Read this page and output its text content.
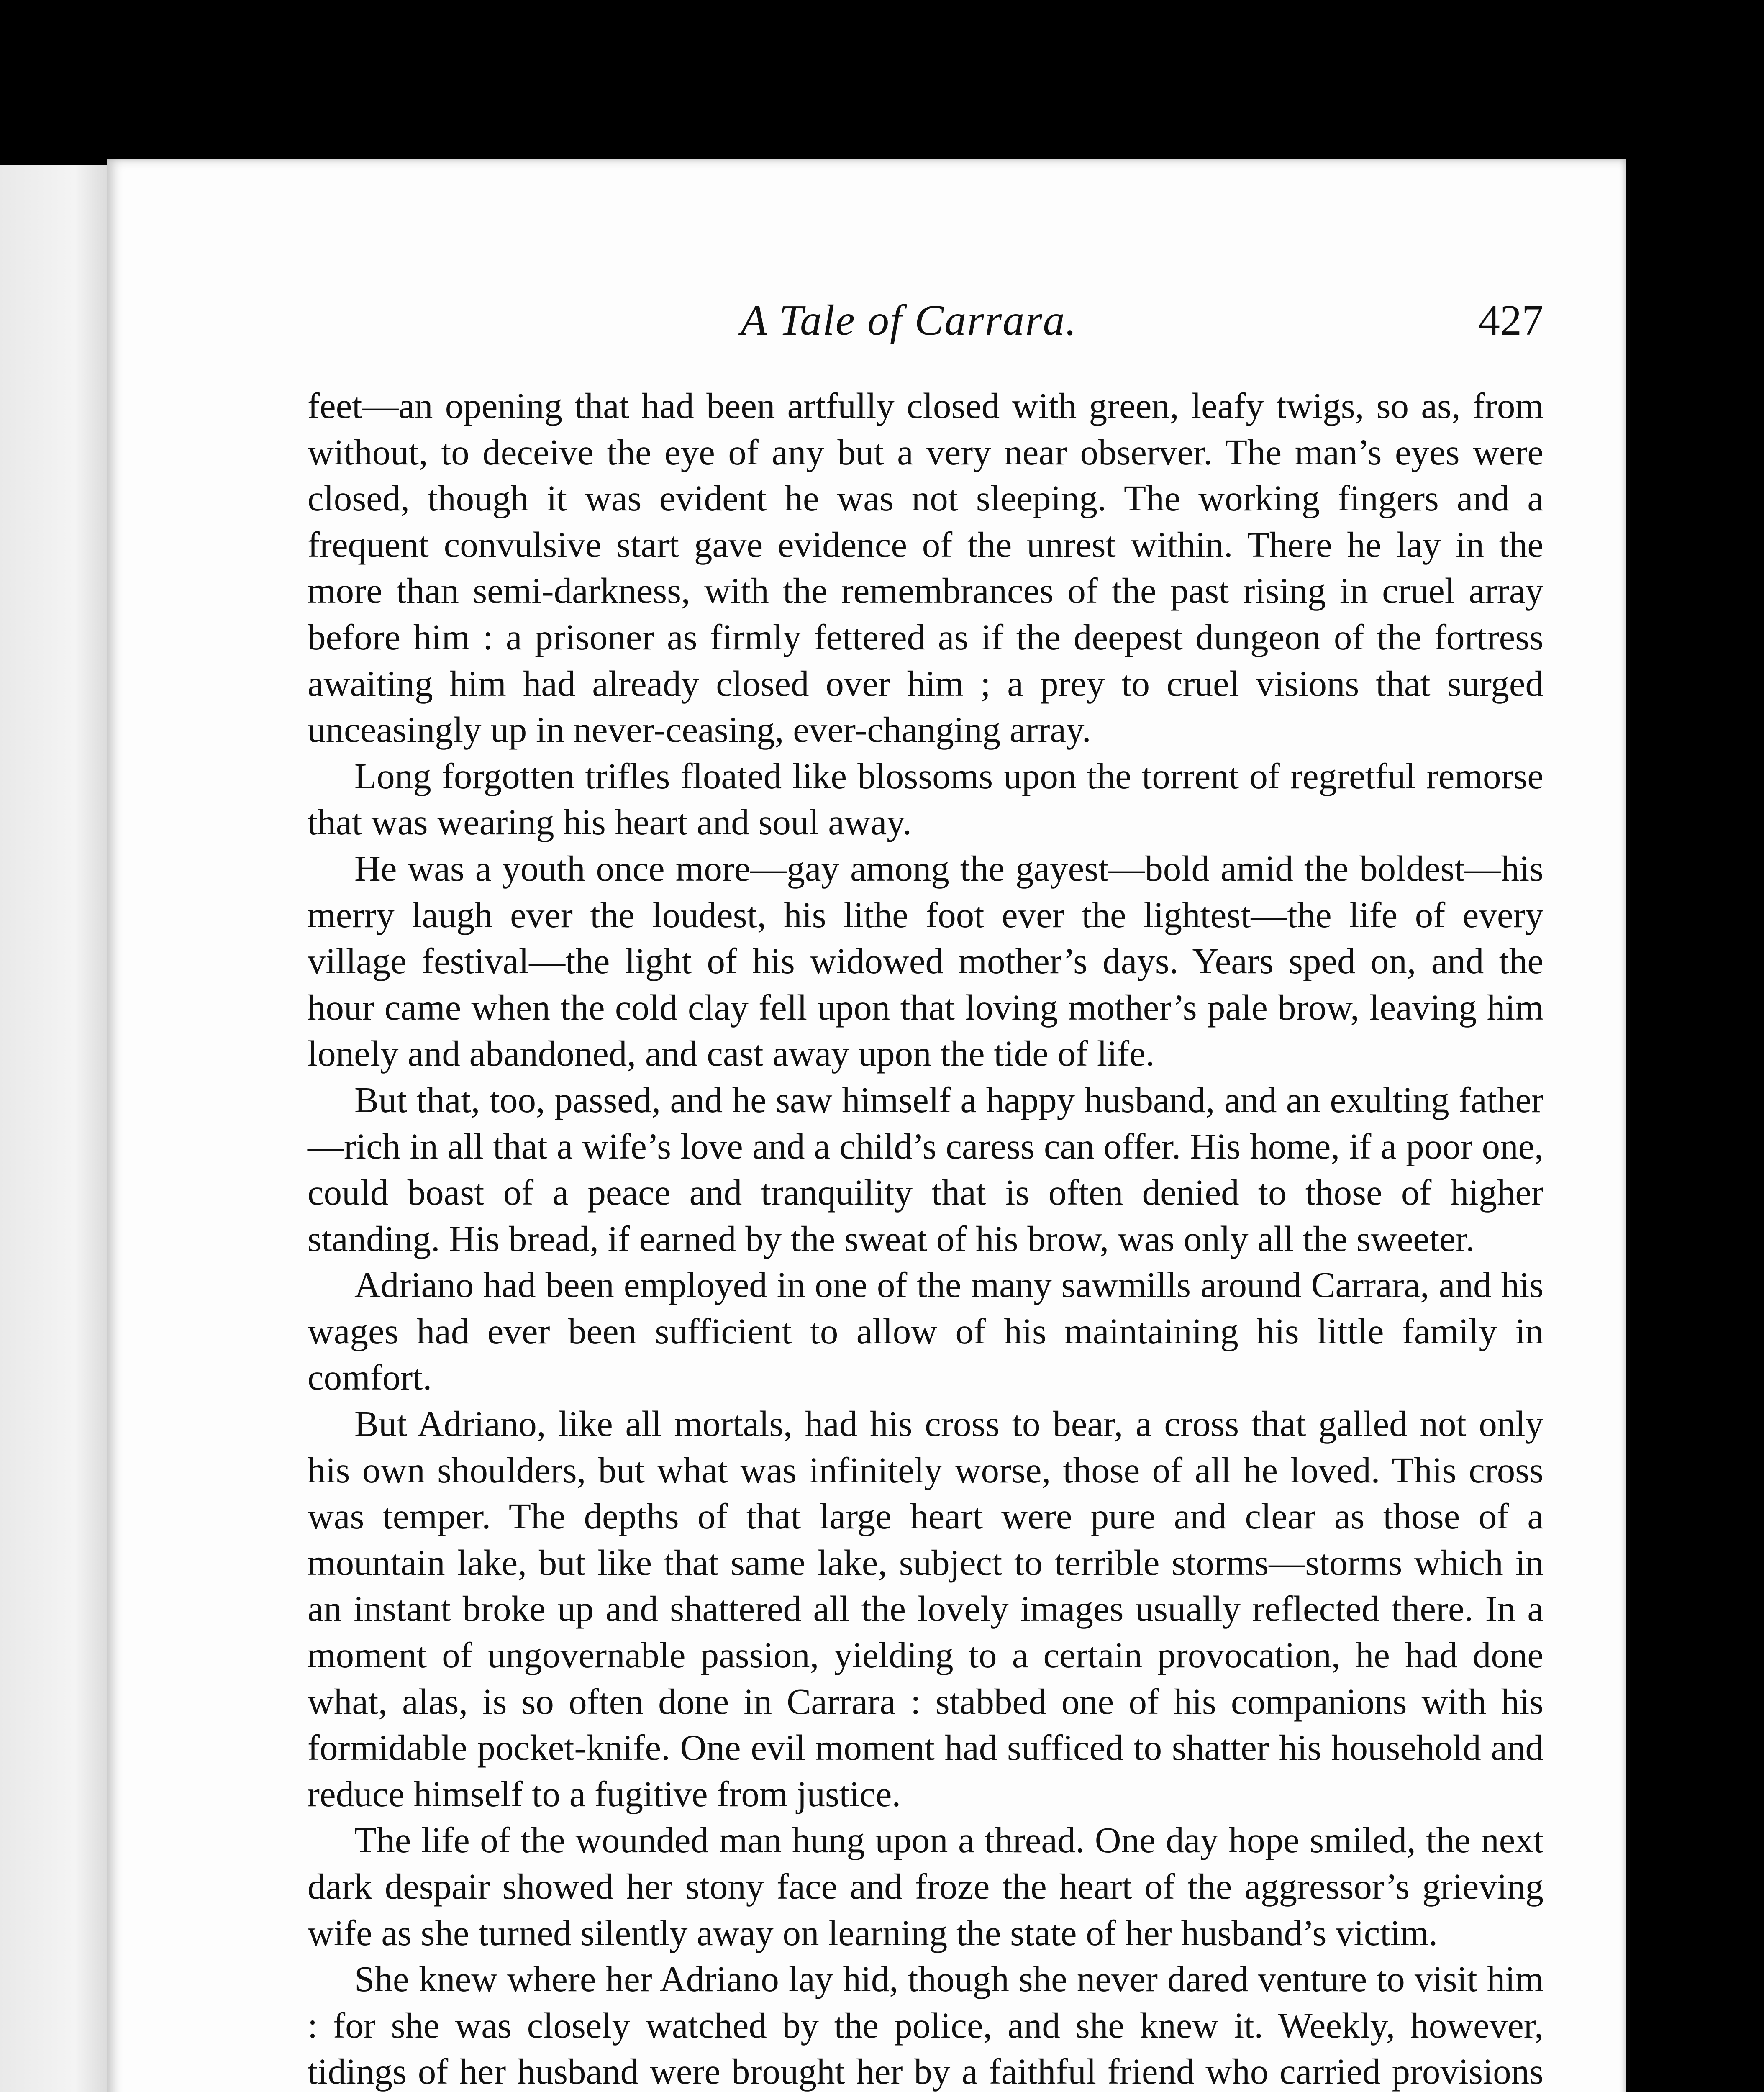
A Tale of Carrara.	427

feet—an opening that had been artfully closed with green, leafy twigs, so as, from without, to deceive the eye of any but a very near observer. The man’s eyes were closed, though it was evident he was not sleeping. The working fingers and a frequent convulsive start gave evidence of the unrest within. There he lay in the more than semi-darkness, with the remembrances of the past rising in cruel array before him : a prisoner as firmly fettered as if the deepest dungeon of the fortress awaiting him had already closed over him ; a prey to cruel visions that surged unceasingly up in never-ceasing, ever-changing array.

Long forgotten trifles floated like blossoms upon the torrent of regretful remorse that was wearing his heart and soul away.

He was a youth once more—gay among the gayest—bold amid the boldest—his merry laugh ever the loudest, his lithe foot ever the lightest—the life of every village festival—the light of his widowed mother’s days. Years sped on, and the hour came when the cold clay fell upon that loving mother’s pale brow, leaving him lonely and abandoned, and cast away upon the tide of life.

But that, too, passed, and he saw himself a happy husband, and an exulting father—rich in all that a wife’s love and a child’s caress can offer. His home, if a poor one, could boast of a peace and tranquility that is often denied to those of higher standing. His bread, if earned by the sweat of his brow, was only all the sweeter.

Adriano had been employed in one of the many sawmills around Carrara, and his wages had ever been sufficient to allow of his maintaining his little family in comfort.

But Adriano, like all mortals, had his cross to bear, a cross that galled not only his own shoulders, but what was infinitely worse, those of all he loved. This cross was temper. The depths of that large heart were pure and clear as those of a mountain lake, but like that same lake, subject to terrible storms—storms which in an instant broke up and shattered all the lovely images usually reflected there. In a moment of ungovernable passion, yielding to a certain provocation, he had done what, alas, is so often done in Carrara : stabbed one of his companions with his formidable pocket-knife. One evil moment had sufficed to shatter his household and reduce himself to a fugitive from justice.

The life of the wounded man hung upon a thread. One day hope smiled, the next dark despair showed her stony face and froze the heart of the aggressor’s grieving wife as she turned silently away on learning the state of her husband’s victim.

She knew where her Adriano lay hid, though she never dared venture to visit him : for she was closely watched by the police, and she knew it. Weekly, however, tidings of her husband were brought her by a faithful friend who carried provisions
